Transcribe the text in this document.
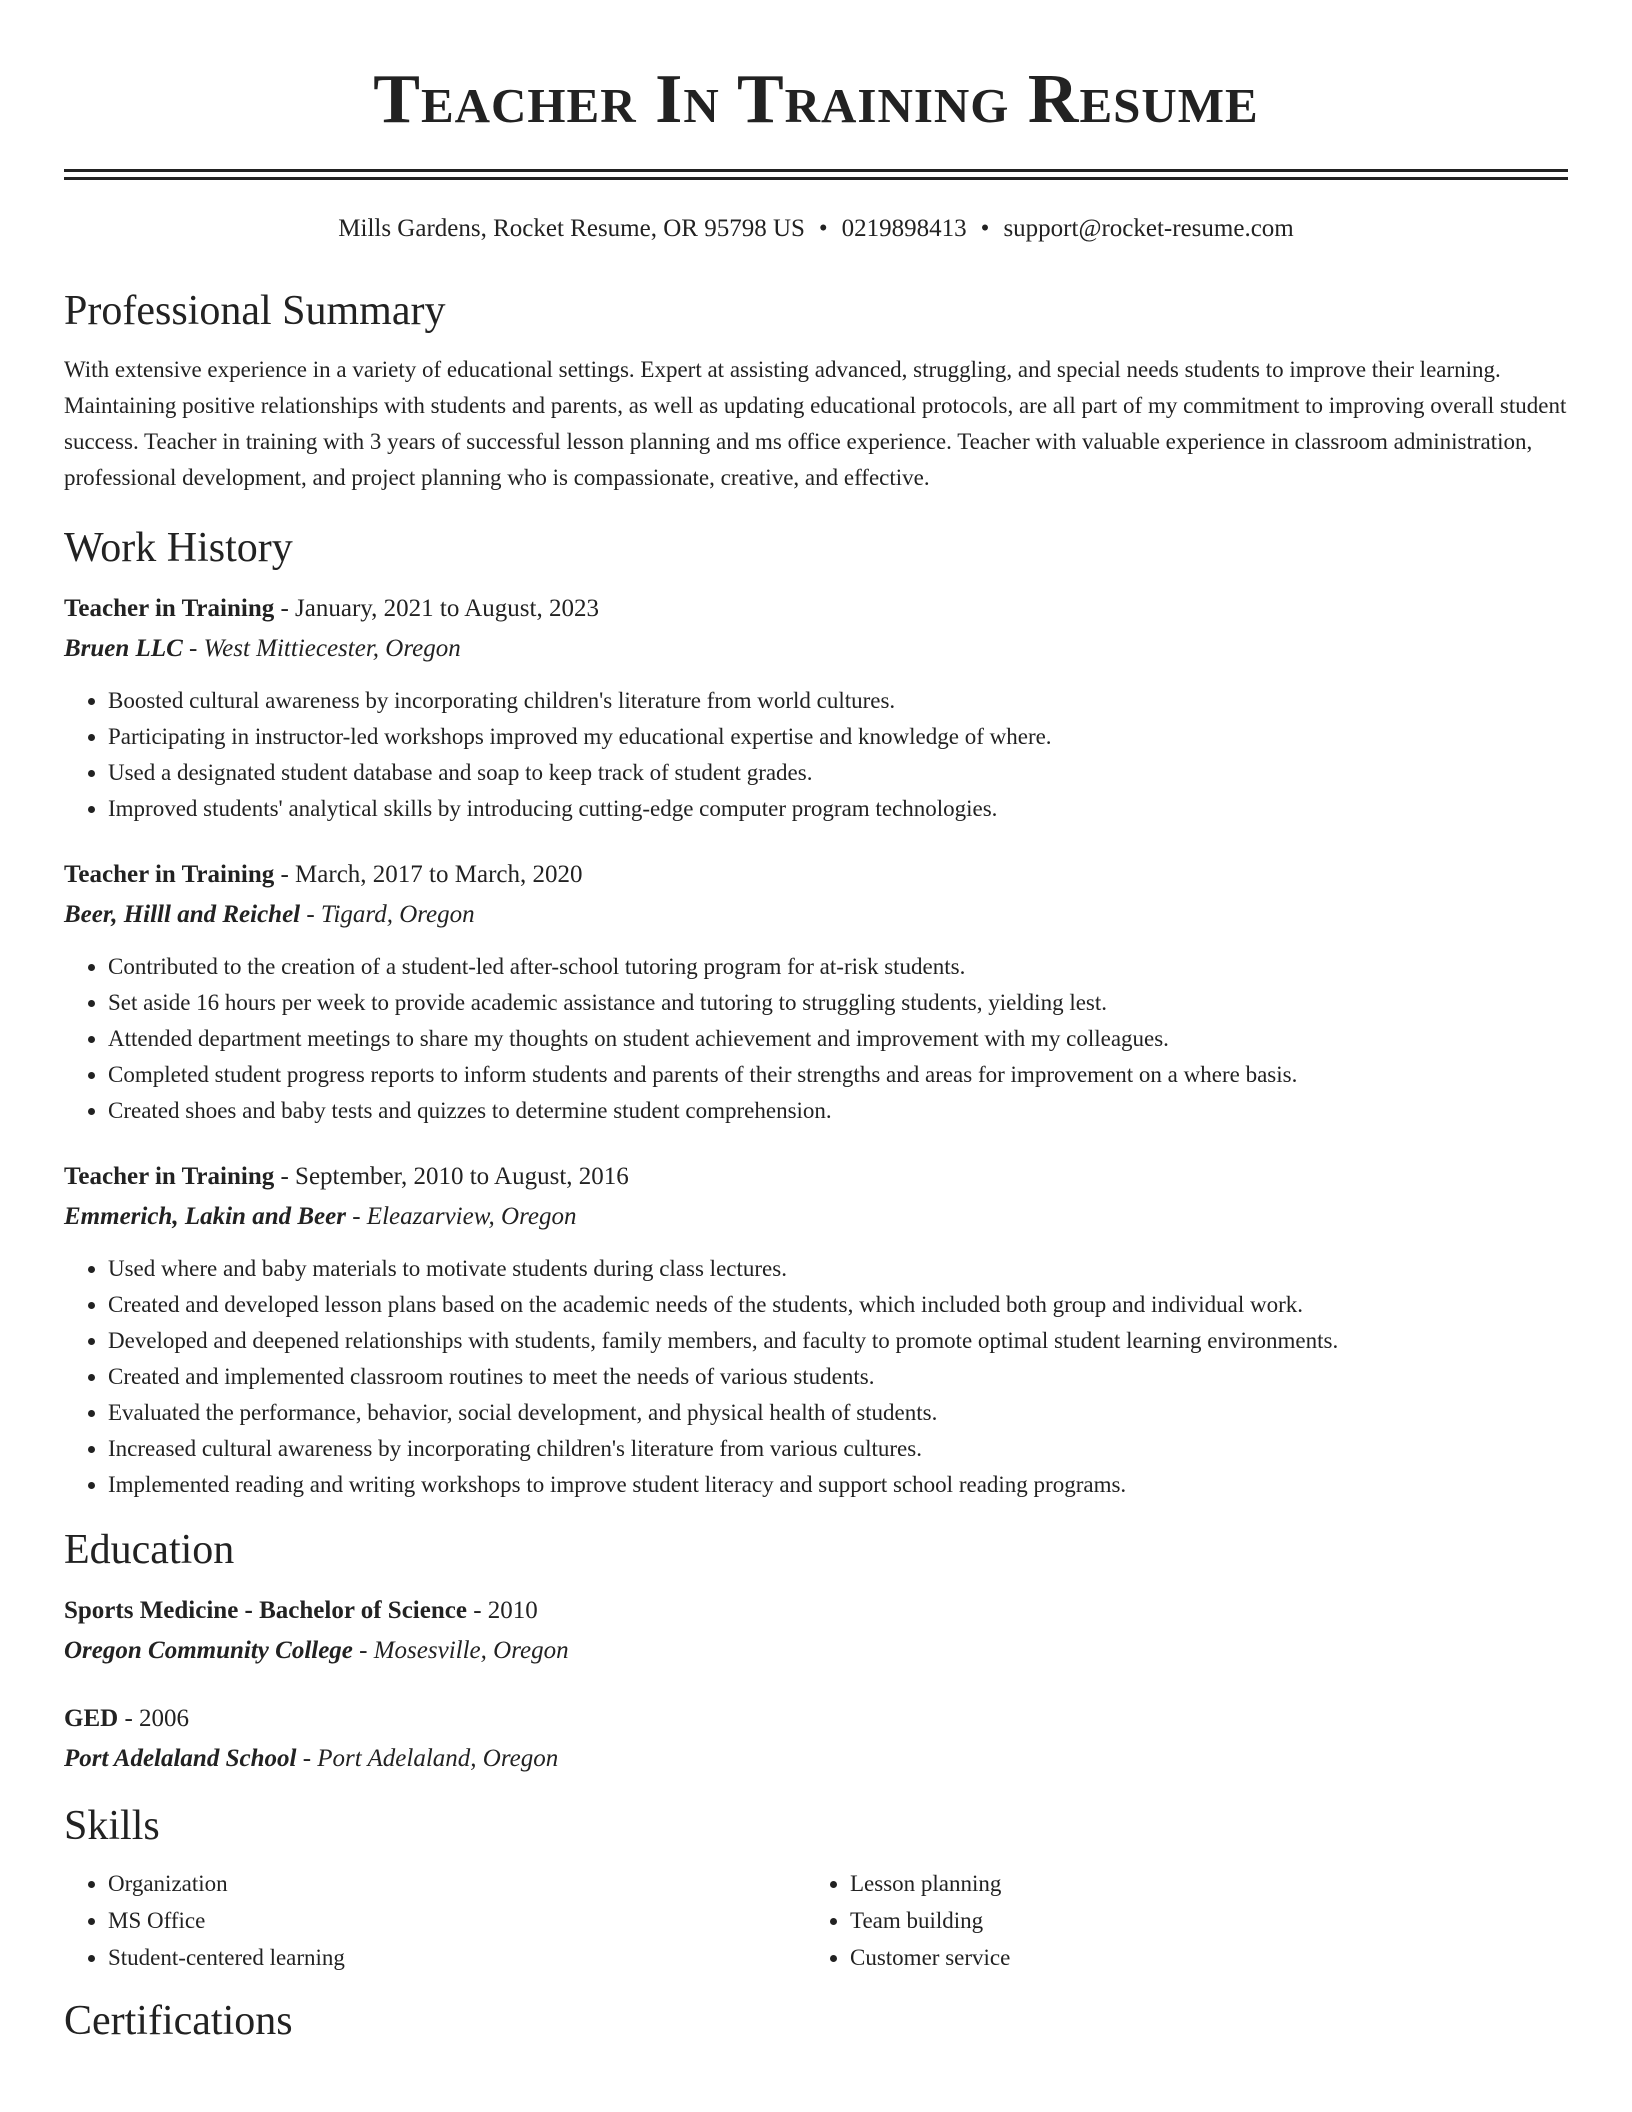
Teacher In Training Resume
Mills Gardens, Rocket Resume, OR 95798 US • 0219898413 • support@rocket-resume.com
Professional Summary
With extensive experience in a variety of educational settings. Expert at assisting advanced, struggling, and special needs students to improve their learning. Maintaining positive relationships with students and parents, as well as updating educational protocols, are all part of my commitment to improving overall student success. Teacher in training with 3 years of successful lesson planning and ms office experience. Teacher with valuable experience in classroom administration, professional development, and project planning who is compassionate, creative, and effective.
Work History
Teacher in Training - January, 2021 to August, 2023
Bruen LLC - West Mittiecester, Oregon
• Boosted cultural awareness by incorporating children's literature from world cultures.
• Participating in instructor-led workshops improved my educational expertise and knowledge of where.
• Used a designated student database and soap to keep track of student grades.
• Improved students' analytical skills by introducing cutting-edge computer program technologies.
Teacher in Training - March, 2017 to March, 2020
Beer, Hilll and Reichel - Tigard, Oregon
• Contributed to the creation of a student-led after-school tutoring program for at-risk students.
• Set aside 16 hours per week to provide academic assistance and tutoring to struggling students, yielding lest.
• Attended department meetings to share my thoughts on student achievement and improvement with my colleagues.
• Completed student progress reports to inform students and parents of their strengths and areas for improvement on a where basis.
• Created shoes and baby tests and quizzes to determine student comprehension.
Teacher in Training - September, 2010 to August, 2016
Emmerich, Lakin and Beer - Eleazarview, Oregon
• Used where and baby materials to motivate students during class lectures.
• Created and developed lesson plans based on the academic needs of the students, which included both group and individual work.
• Developed and deepened relationships with students, family members, and faculty to promote optimal student learning environments.
• Created and implemented classroom routines to meet the needs of various students.
• Evaluated the performance, behavior, social development, and physical health of students.
• Increased cultural awareness by incorporating children's literature from various cultures.
• Implemented reading and writing workshops to improve student literacy and support school reading programs.
Education
Sports Medicine - Bachelor of Science - 2010
Oregon Community College - Mosesville, Oregon
GED - 2006
Port Adelaland School - Port Adelaland, Oregon
Skills
• Organization
• MS Office
• Student-centered learning
• Lesson planning
• Team building
• Customer service
Certifications
